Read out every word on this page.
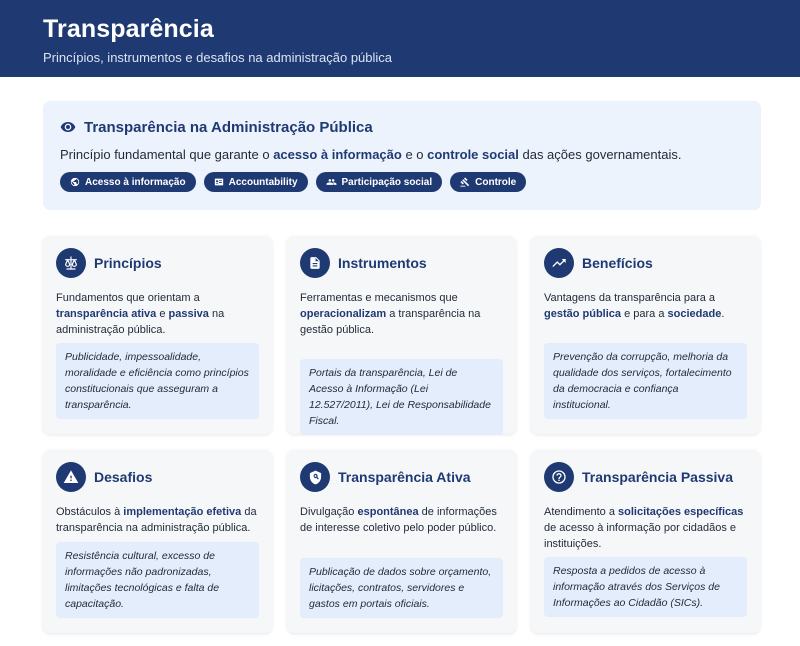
Transparência
Princípios, instrumentos e desafios na administração pública
Transparência na Administração Pública
Princípio fundamental que garante o acesso à informação e o controle social das ações governamentais.
Acesso à informação	Accountability	Participação social	Controle
Princípios
Fundamentos que orientam a transparência ativa e passiva na administração pública.
Publicidade, impessoalidade, moralidade e eficiência como princípios constitucionais que asseguram a transparência.
Instrumentos
Ferramentas e mecanismos que operacionalizam a transparência na gestão pública.
Portais da transparência, Lei de Acesso à Informação (Lei 12.527/2011), Lei de Responsabilidade Fiscal.
Benefícios
Vantagens da transparência para a gestão pública e para a sociedade.
Prevenção da corrupção, melhoria da qualidade dos serviços, fortalecimento da democracia e confiança institucional.
Desafios
Obstáculos à implementação efetiva da transparência na administração pública.
Resistência cultural, excesso de informações não padronizadas, limitações tecnológicas e falta de capacitação.
Transparência Ativa
Divulgação espontânea de informações de interesse coletivo pelo poder público.
Publicação de dados sobre orçamento, licitações, contratos, servidores e gastos em portais oficiais.
Transparência Passiva
Atendimento a solicitações específicas de acesso à informação por cidadãos e instituições.
Resposta a pedidos de acesso à informação através dos Serviços de Informações ao Cidadão (SICs).
